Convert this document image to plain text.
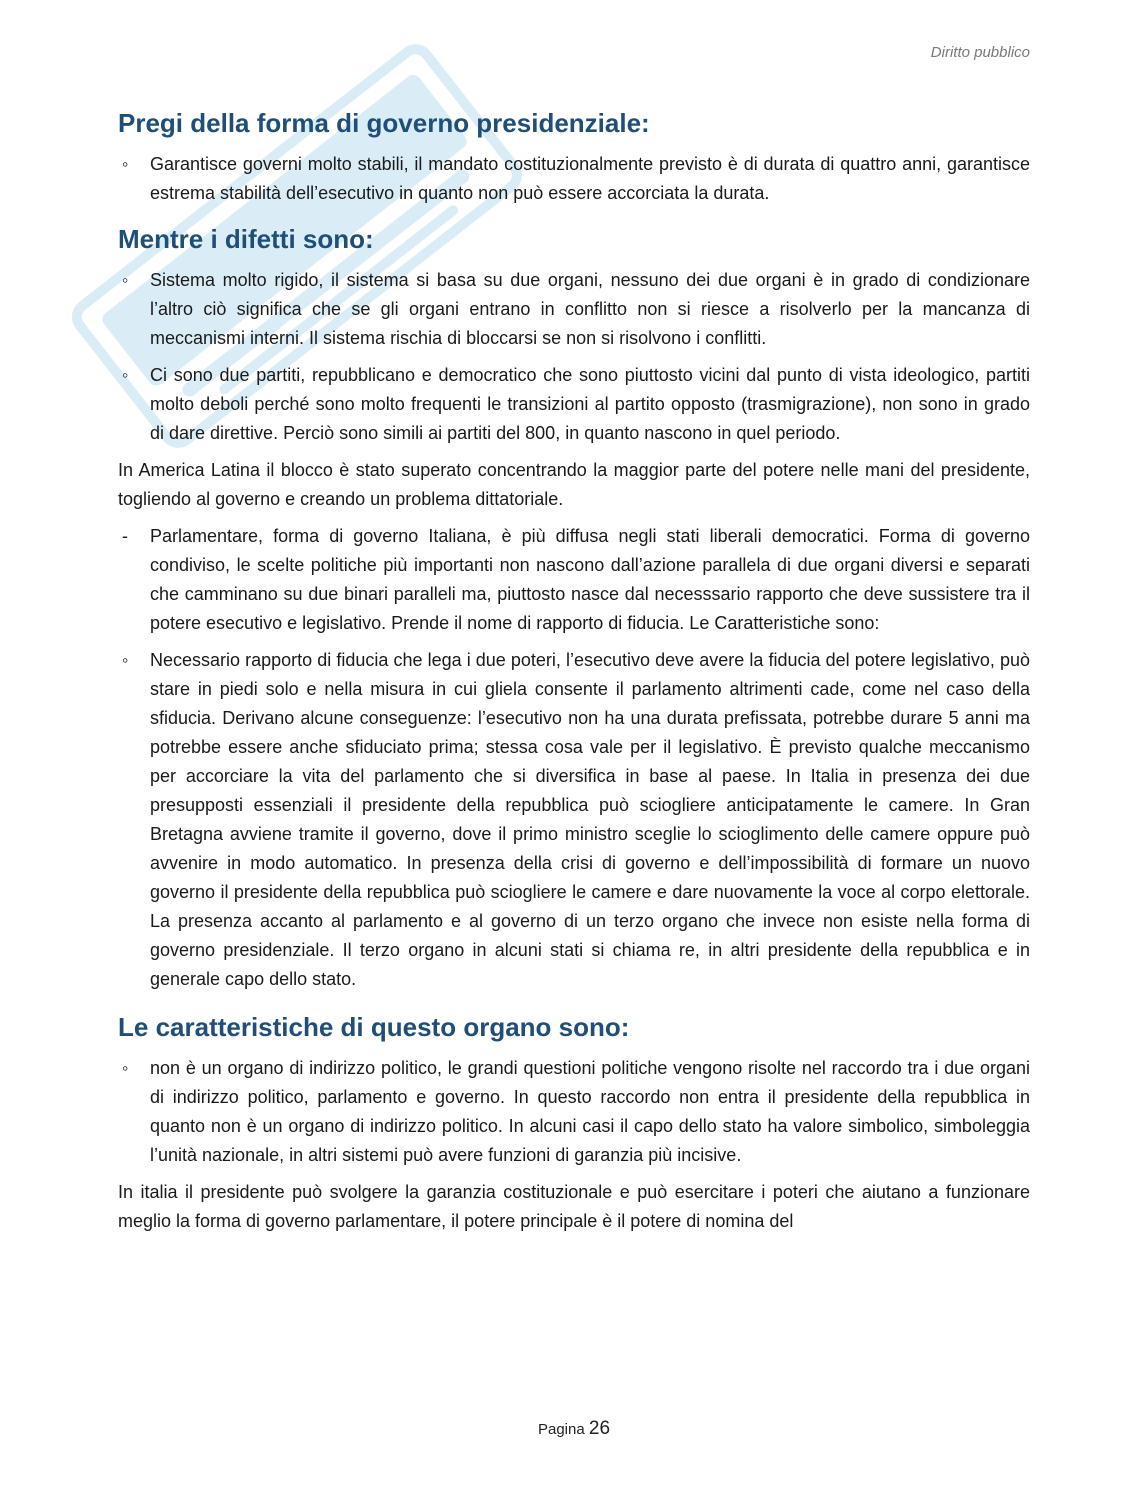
Diritto pubblico
Pregi della forma di governo presidenziale:
◦	Garantisce governi molto stabili, il mandato costituzionalmente previsto è di durata di quattro anni, garantisce estrema stabilità dell’esecutivo in quanto non può essere accorciata la durata.
Mentre i difetti sono:
◦	Sistema molto rigido, il sistema si basa su due organi, nessuno dei due organi è in grado di condizionare l’altro ciò significa che se gli organi entrano in conflitto non si riesce a risolverlo per la mancanza di meccanismi interni. Il sistema rischia di bloccarsi se non si risolvono i conflitti.
◦	Ci sono due partiti, repubblicano e democratico che sono piuttosto vicini dal punto di vista ideologico, partiti molto deboli perché sono molto frequenti le transizioni al partito opposto (trasmigrazione), non sono in grado di dare direttive. Perciò sono simili ai partiti del 800, in quanto nascono in quel periodo.

In America Latina il blocco è stato superato concentrando la maggior parte del potere nelle mani del presidente, togliendo al governo e creando un problema dittatoriale.

-	Parlamentare, forma di governo Italiana, è più diffusa negli stati liberali democratici. Forma di governo condiviso, le scelte politiche più importanti non nascono dall’azione parallela di due organi diversi e separati che camminano su due binari paralleli ma, piuttosto nasce dal necesssario rapporto che deve sussistere tra il potere esecutivo e legislativo. Prende il nome di rapporto di fiducia. Le Caratteristiche sono:
◦	Necessario rapporto di fiducia che lega i due poteri, l’esecutivo deve avere la fiducia del potere legislativo, può stare in piedi solo e nella misura in cui gliela consente il parlamento altrimenti cade, come nel caso della sfiducia. Derivano alcune conseguenze: l’esecutivo non ha una durata prefissata, potrebbe durare 5 anni ma potrebbe essere anche sfiduciato prima; stessa cosa vale per il legislativo. È previsto qualche meccanismo per accorciare la vita del parlamento che si diversifica in base al paese. In Italia in presenza dei due presupposti essenziali il presidente della repubblica può sciogliere anticipatamente le camere. In Gran Bretagna avviene tramite il governo, dove il primo ministro sceglie lo scioglimento delle camere oppure può avvenire in modo automatico. In presenza della crisi di governo e dell’impossibilità di formare un nuovo governo il presidente della repubblica può sciogliere le camere e dare nuovamente la voce al corpo elettorale. La presenza accanto al parlamento e al governo di un terzo organo che invece non esiste nella forma di governo presidenziale. Il terzo organo in alcuni stati si chiama re, in altri presidente della repubblica e in generale capo dello stato.
Le caratteristiche di questo organo sono:
◦	non è un organo di indirizzo politico, le grandi questioni politiche vengono risolte nel raccordo tra i due organi di indirizzo politico, parlamento e governo. In questo raccordo non entra il presidente della repubblica in quanto non è un organo di indirizzo politico. In alcuni casi il capo dello stato ha valore simbolico, simboleggia l’unità nazionale, in altri sistemi può avere funzioni di garanzia più incisive.

In italia il presidente può svolgere la garanzia costituzionale e può esercitare i poteri che aiutano a funzionare meglio la forma di governo parlamentare, il potere principale è il potere di nomina del

Pagina 26
